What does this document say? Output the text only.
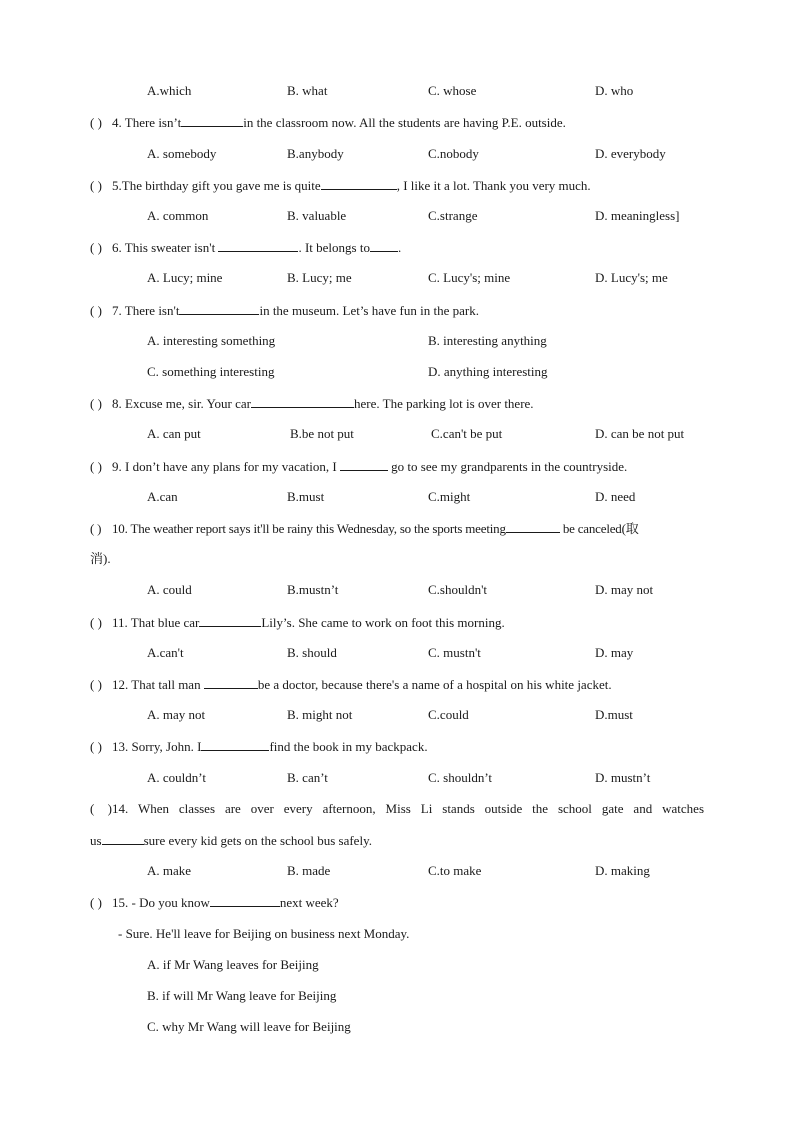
A.which	B. what	C. whose	D. who
( ) 4. There isn’t	in the classroom now. All the students are having P.E. outside.
A. somebody	B.anybody	C.nobody	D. everybody
( ) 5.The birthday gift you gave me is quite	, I like it a lot. Thank you very much.
A. common	B. valuable	C.strange	D. meaningless]
( ) 6. This sweater isn't	. It belongs to .
A. Lucy; mine	B. Lucy; me	C. Lucy's; mine	D. Lucy's; me
( ) 7. There isn't	in the museum. Let’s have fun in the park.
A. interesting something	B. interesting anything
C. something interesting	D. anything interesting
( ) 8. Excuse me, sir. Your car	here. The parking lot is over there.
A. can put	B.be not put	C.can't be put	D. can be not put
( ) 9. I don’t have any plans for my vacation, I	go to see my grandparents in the countryside.
A.can	B.must	C.might	D. need
( ) 10. The weather report says it'll be rainy this Wednesday, so the sports meeting	be canceled(取
消).
A. could	B.mustn’t	C.shouldn't	D. may not
( ) 11. That blue car	Lily’s. She came to work on foot this morning.
A.can't	B. should	C. mustn't	D. may
( ) 12. That tall man	be a doctor, because there's a name of a hospital on his white jacket.
A. may not	B. might not	C.could	D.must
( ) 13. Sorry, John. I	find the book in my backpack.
A. couldn’t	B. can’t	C. shouldn’t	D. mustn’t
( )14. When classes are over every afternoon, Miss Li stands outside the school gate and watches
us	sure every kid gets on the school bus safely.
A. make	B. made	C.to make	D. making
( ) 15. - Do you know	next week?
- Sure. He'll leave for Beijing on business next Monday.
A. if Mr Wang leaves for Beijing
B. if will Mr Wang leave for Beijing
C. why Mr Wang will leave for Beijing
